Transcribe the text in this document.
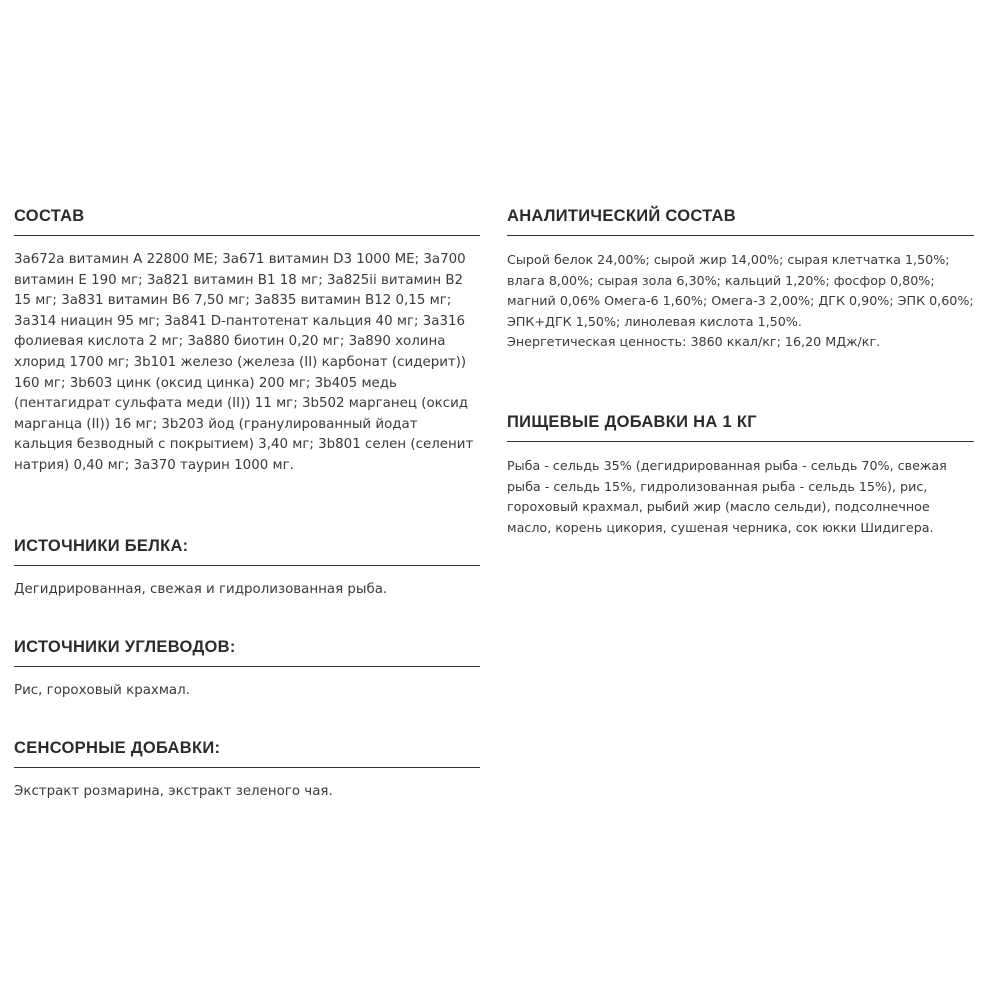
СОСТАВ

3а672а витамин А 22800 МЕ; 3а671 витамин D3 1000 МЕ; 3а700 витамин Е 190 мг; 3а821 витамин В1 18 мг; 3а825ii витамин В2 15 мг; 3а831 витамин В6 7,50 мг; 3а835 витамин В12 0,15 мг; 3а314 ниацин 95 мг; 3а841 D-пантотенат кальция 40 мг; 3а316 фолиевая кислота 2 мг; 3а880 биотин 0,20 мг; 3а890 холина хлорид 1700 мг; 3b101 железо (железа (II) карбонат (сидерит)) 160 мг; 3b603 цинк (оксид цинка) 200 мг; 3b405 медь (пентагидрат сульфата меди (II)) 11 мг; 3b502 марганец (оксид марганца (II)) 16 мг; 3b203 йод (гранулированный йодат кальция безводный с покрытием) 3,40 мг; 3b801 селен (селенит натрия) 0,40 мг; 3а370 таурин 1000 мг.

ИСТОЧНИКИ БЕЛКА:

Дегидрированная, свежая и гидролизованная рыба.

ИСТОЧНИКИ УГЛЕВОДОВ:

Рис, гороховый крахмал.

СЕНСОРНЫЕ ДОБАВКИ:

Экстракт розмарина, экстракт зеленого чая.

АНАЛИТИЧЕСКИЙ СОСТАВ

Сырой белок 24,00%; сырой жир 14,00%; сырая клетчатка 1,50%; влага 8,00%; сырая зола 6,30%; кальций 1,20%; фосфор 0,80%; магний 0,06% Омега-6 1,60%; Омега-3 2,00%; ДГК 0,90%; ЭПК 0,60%; ЭПК+ДГК 1,50%; линолевая кислота 1,50%.

Энергетическая ценность: 3860 ккал/кг; 16,20 МДж/кг.

ПИЩЕВЫЕ ДОБАВКИ НА 1 КГ

Рыба - сельдь 35% (дегидрированная рыба - сельдь 70%, свежая рыба - сельдь 15%, гидролизованная рыба - сельдь 15%), рис, гороховый крахмал, рыбий жир (масло сельди), подсолнечное масло, корень цикория, сушеная черника, сок юкки Шидигера.
